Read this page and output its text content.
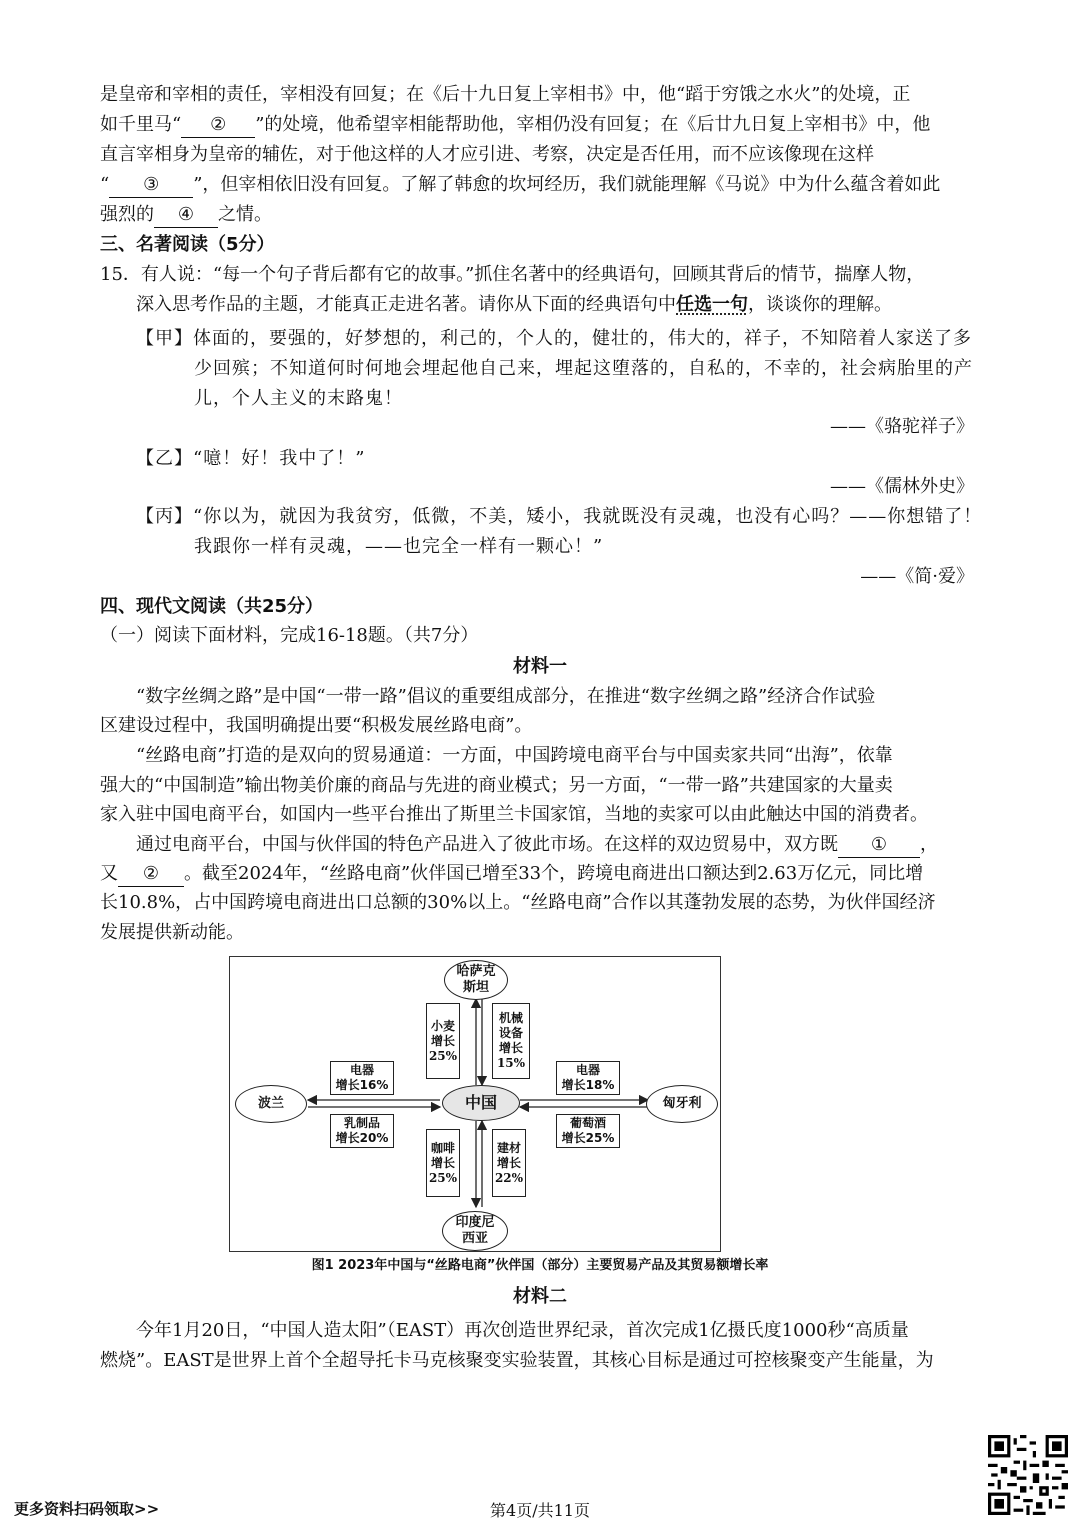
是皇帝和宰相的责任，宰相没有回复；在《后十九日复上宰相书》中，他“蹈于穷饿之水火”的处境，正
如千里马“ ② ”的处境，他希望宰相能帮助他，宰相仍没有回复；在《后廿九日复上宰相书》中，他
直言宰相身为皇帝的辅佐，对于他这样的人才应引进、考察，决定是否任用，而不应该像现在这样
“ ③ ”，但宰相依旧没有回复。了解了韩愈的坎坷经历，我们就能理解《马说》中为什么蕴含着如此
强烈的 ④ 之情。
三、名著阅读（5分）
15．有人说：“每一个句子背后都有它的故事。”抓住名著中的经典语句，回顾其背后的情节，揣摩人物，
深入思考作品的主题，才能真正走进名著。请你从下面的经典语句中任选一句，谈谈你的理解。
【甲】体面的，要强的，好梦想的，利己的，个人的，健壮的，伟大的，祥子，不知陪着人家送了多
少回殡；不知道何时何地会埋起他自己来，埋起这堕落的，自私的，不幸的，社会病胎里的产
儿，个人主义的末路鬼！
——《骆驼祥子》
【乙】“噫！好！我中了！”
——《儒林外史》
【丙】“你以为，就因为我贫穷，低微，不美，矮小，我就既没有灵魂，也没有心吗？——你想错了！
我跟你一样有灵魂，——也完全一样有一颗心！”
——《简·爱》
四、现代文阅读（共25分）
（一）阅读下面材料，完成16-18题。（共7分）
材料一
“数字丝绸之路”是中国“一带一路”倡议的重要组成部分，在推进“数字丝绸之路”经济合作试验
区建设过程中，我国明确提出要“积极发展丝路电商”。
“丝路电商”打造的是双向的贸易通道：一方面，中国跨境电商平台与中国卖家共同“出海”，依靠
强大的“中国制造”输出物美价廉的商品与先进的商业模式；另一方面，“一带一路”共建国家的大量卖
家入驻中国电商平台，如国内一些平台推出了斯里兰卡国家馆，当地的卖家可以由此触达中国的消费者。
通过电商平台，中国与伙伴国的特色产品进入了彼此市场。在这样的双边贸易中，双方既 ① ，
又 ② 。截至2024年，“丝路电商”伙伴国已增至33个，跨境电商进出口额达到2.63万亿元，同比增
长10.8%，占中国跨境电商进出口总额的30%以上。“丝路电商”合作以其蓬勃发展的态势，为伙伴国经济
发展提供新动能。
中国
哈萨克斯坦
印度尼西亚
波兰	匈牙利
小麦
增长
25%
机械设备
增长
15%
电器
增长16%
乳制品
增长20%
电器
增长18%
葡萄酒
增长25%
咖啡
增长
25%
建材
增长
22%
图1 2023年中国与“丝路电商”伙伴国（部分）主要贸易产品及其贸易额增长率
材料二
今年1月20日，“中国人造太阳”（EAST）再次创造世界纪录，首次完成1亿摄氏度1000秒“高质量
燃烧”。EAST是世界上首个全超导托卡马克核聚变实验装置，其核心目标是通过可控核聚变产生能量，为
更多资料扫码领取>>	第4页/共11页
